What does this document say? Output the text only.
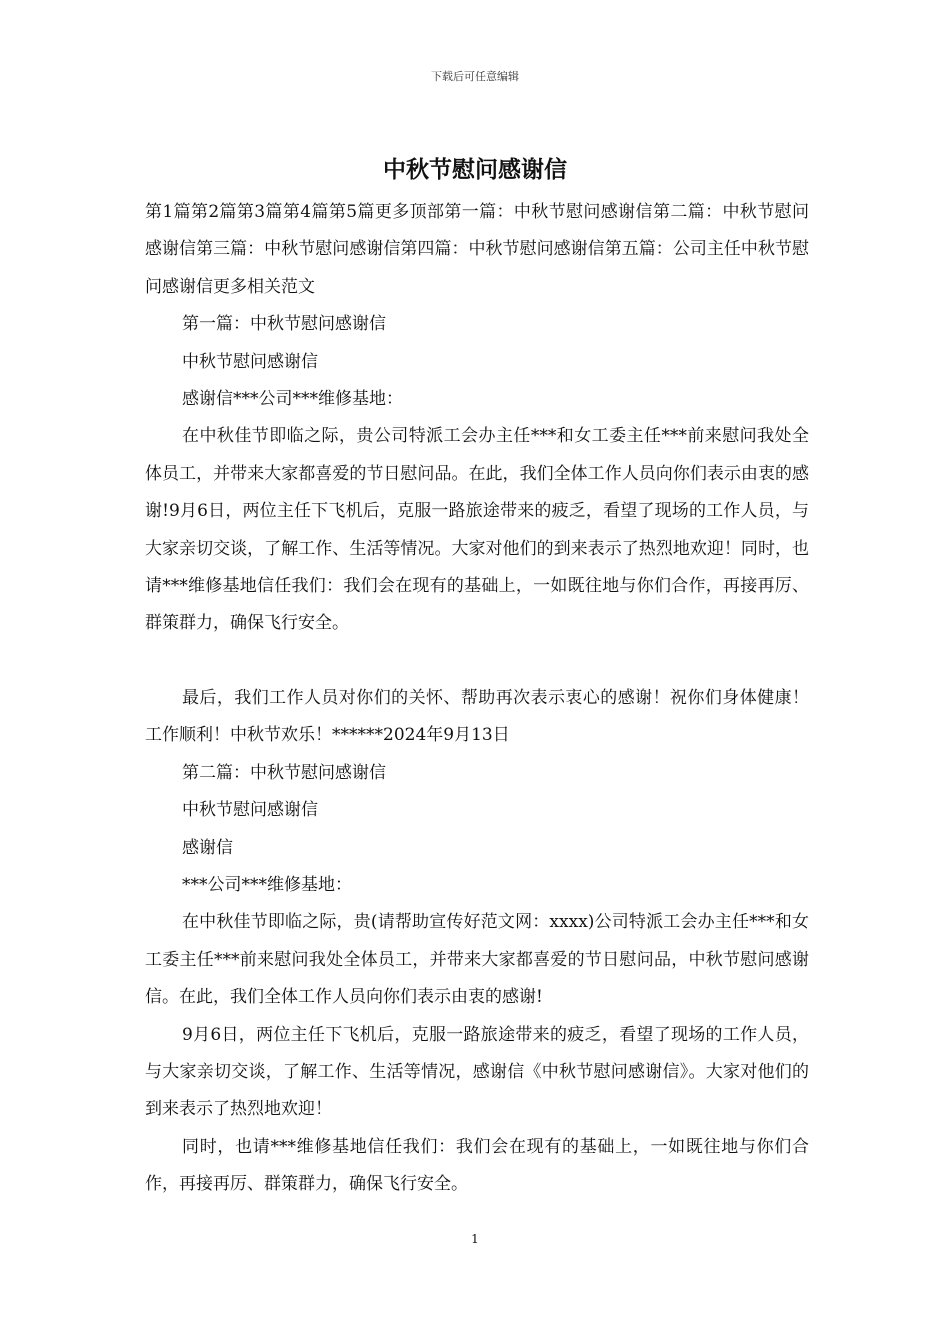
下载后可任意编辑
中秋节慰问感谢信

第1篇第2篇第3篇第4篇第5篇更多顶部第一篇：中秋节慰问感谢信第二篇：中秋节慰问感谢信第三篇：中秋节慰问感谢信第四篇：中秋节慰问感谢信第五篇：公司主任中秋节慰问感谢信更多相关范文

第一篇：中秋节慰问感谢信

中秋节慰问感谢信

感谢信***公司***维修基地：

在中秋佳节即临之际，贵公司特派工会办主任***和女工委主任***前来慰问我处全体员工，并带来大家都喜爱的节日慰问品。在此，我们全体工作人员向你们表示由衷的感谢!9月6日，两位主任下飞机后，克服一路旅途带来的疲乏，看望了现场的工作人员，与大家亲切交谈，了解工作、生活等情况。大家对他们的到来表示了热烈地欢迎！同时，也请***维修基地信任我们：我们会在现有的基础上，一如既往地与你们合作，再接再厉、群策群力，确保飞行安全。

最后，我们工作人员对你们的关怀、帮助再次表示衷心的感谢！祝你们身体健康！工作顺利！中秋节欢乐！******2024年9月13日

第二篇：中秋节慰问感谢信

中秋节慰问感谢信

感谢信

***公司***维修基地：

在中秋佳节即临之际，贵(请帮助宣传好范文网：xxxx)公司特派工会办主任***和女工委主任***前来慰问我处全体员工，并带来大家都喜爱的节日慰问品，中秋节慰问感谢信。在此，我们全体工作人员向你们表示由衷的感谢!

9月6日，两位主任下飞机后，克服一路旅途带来的疲乏，看望了现场的工作人员，与大家亲切交谈，了解工作、生活等情况，感谢信《中秋节慰问感谢信》。大家对他们的到来表示了热烈地欢迎！

同时，也请***维修基地信任我们：我们会在现有的基础上，一如既往地与你们合作，再接再厉、群策群力，确保飞行安全。

1
